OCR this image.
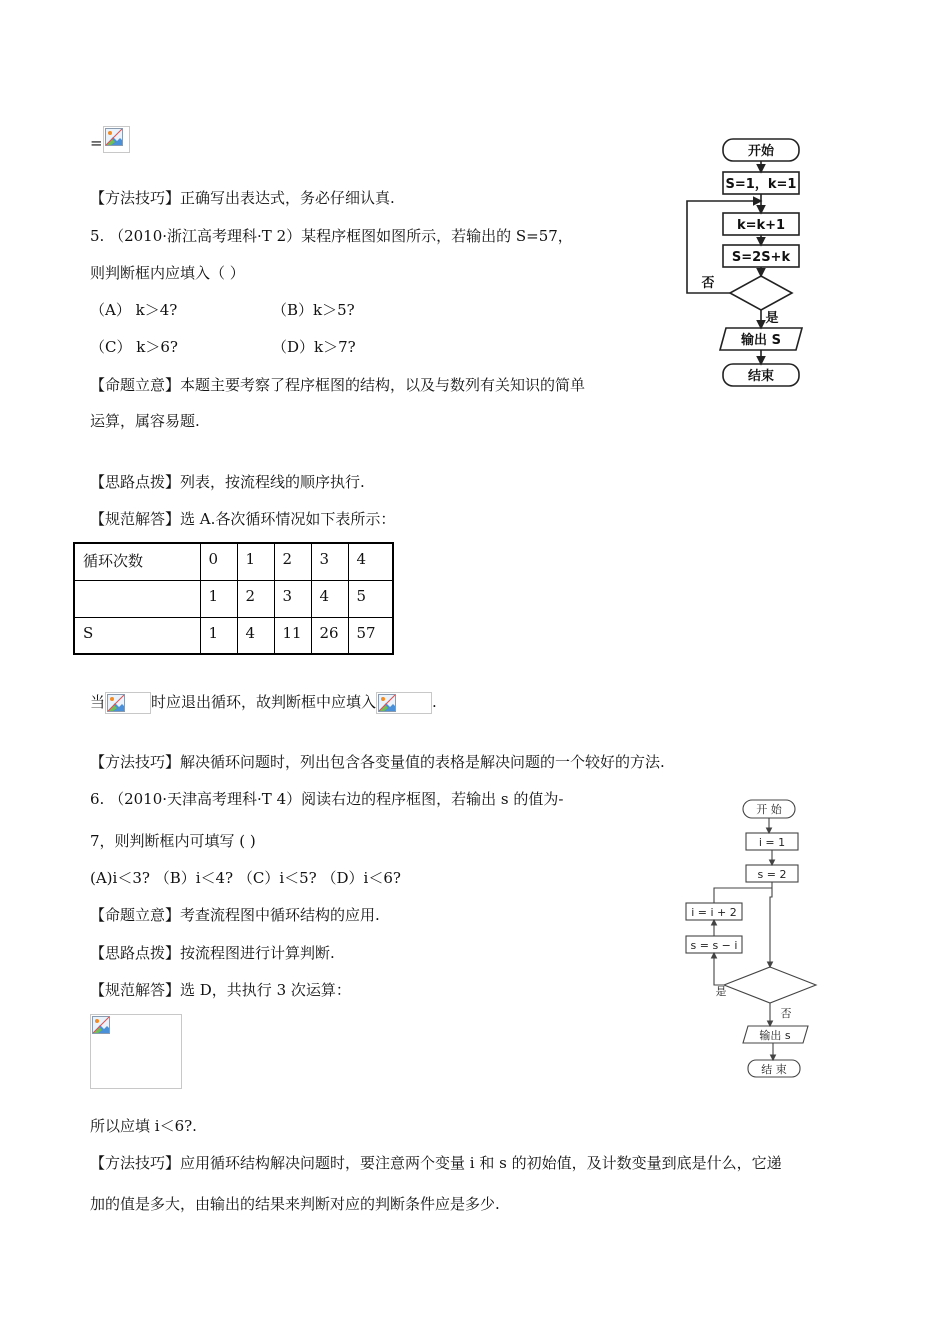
=
【方法技巧】正确写出表达式，务必仔细认真.
5. （2010·浙江高考理科·T 2）某程序框图如图所示，若输出的 S=57，
则判断框内应填入（ ）
（A） k＞4?	（B）k＞5?
（C） k＞6?	（D）k＞7?
【命题立意】本题主要考察了程序框图的结构，以及与数列有关知识的简单
运算，属容易题.
【思路点拨】列表，按流程线的顺序执行.
【规范解答】选 A.各次循环情况如下表所示：
循环次数	0	1	2	3	4
	1	2	3	4	5
S	1	4	11	26	57
当	时应退出循环，故判断框中应填入	.
【方法技巧】解决循环问题时，列出包含各变量值的表格是解决问题的一个较好的方法.
开始
S=1，k=1
k=k+1
S=2S+k
否
是
输出 S
结束
6. （2010·天津高考理科·T 4）阅读右边的程序框图，若输出 s 的值为-
7，则判断框内可填写 ( )
(A)i＜3? （B）i＜4? （C）i＜5? （D）i＜6?
【命题立意】考查流程图中循环结构的应用.
【思路点拨】按流程图进行计算判断.
【规范解答】选 D，共执行 3 次运算：
所以应填 i＜6?.
【方法技巧】应用循环结构解决问题时，要注意两个变量 i 和 s 的初始值，及计数变量到底是什么，它递
加的值是多大，由输出的结果来判断对应的判断条件应是多少.
开 始
i = 1
s = 2
i = i + 2
s = s − i
是
否
输出 s
结 束
